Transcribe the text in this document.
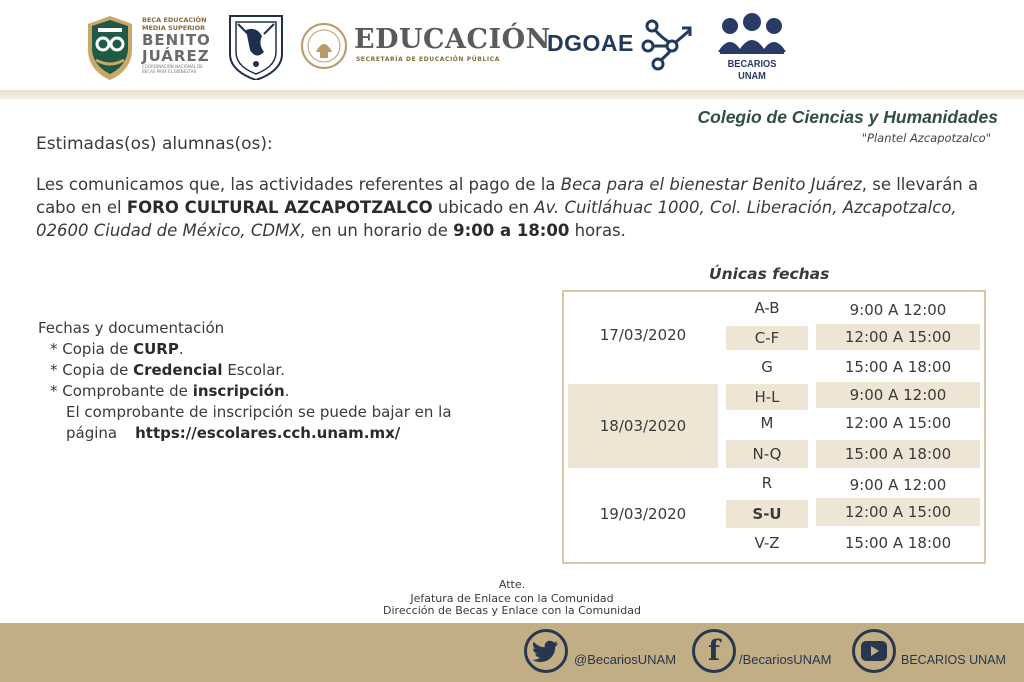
BECA EDUCACIÓN
MEDIA SUPERIOR
BENITO
JUÁREZ
COORDINACIÓN NACIONAL DE
BECAS PARA EL BIENESTAR
EDUCACIÓN
SECRETARÍA DE EDUCACIÓN PÚBLICA
DGOAE
BECARIOS UNAM
Colegio de Ciencias y Humanidades
"Plantel Azcapotzalco"
Estimadas(os) alumnas(os):
Les comunicamos que, las actividades referentes al pago de la Beca para el bienestar Benito Juárez, se llevarán a cabo en el FORO CULTURAL AZCAPOTZALCO ubicado en Av. Cuitláhuac 1000, Col. Liberación, Azcapotzalco, 02600 Ciudad de México, CDMX, en un horario de 9:00 a 18:00 horas.
Fechas y documentación
* Copia de CURP.
* Copia de Credencial Escolar.
* Comprobante de inscripción.
El comprobante de inscripción se puede bajar en la
página https://escolares.cch.unam.mx/
Únicas fechas
17/03/2020
A-B	9:00 A 12:00
C-F	12:00 A 15:00
G	15:00 A 18:00
18/03/2020
H-L	9:00 A 12:00
M	12:00 A 15:00
N-Q	15:00 A 18:00
19/03/2020
R	9:00 A 12:00
S-U	12:00 A 15:00
V-Z	15:00 A 18:00
Atte.
Jefatura de Enlace con la Comunidad
Dirección de Becas y Enlace con la Comunidad
@BecariosUNAM f /BecariosUNAM	BECARIOS UNAM
